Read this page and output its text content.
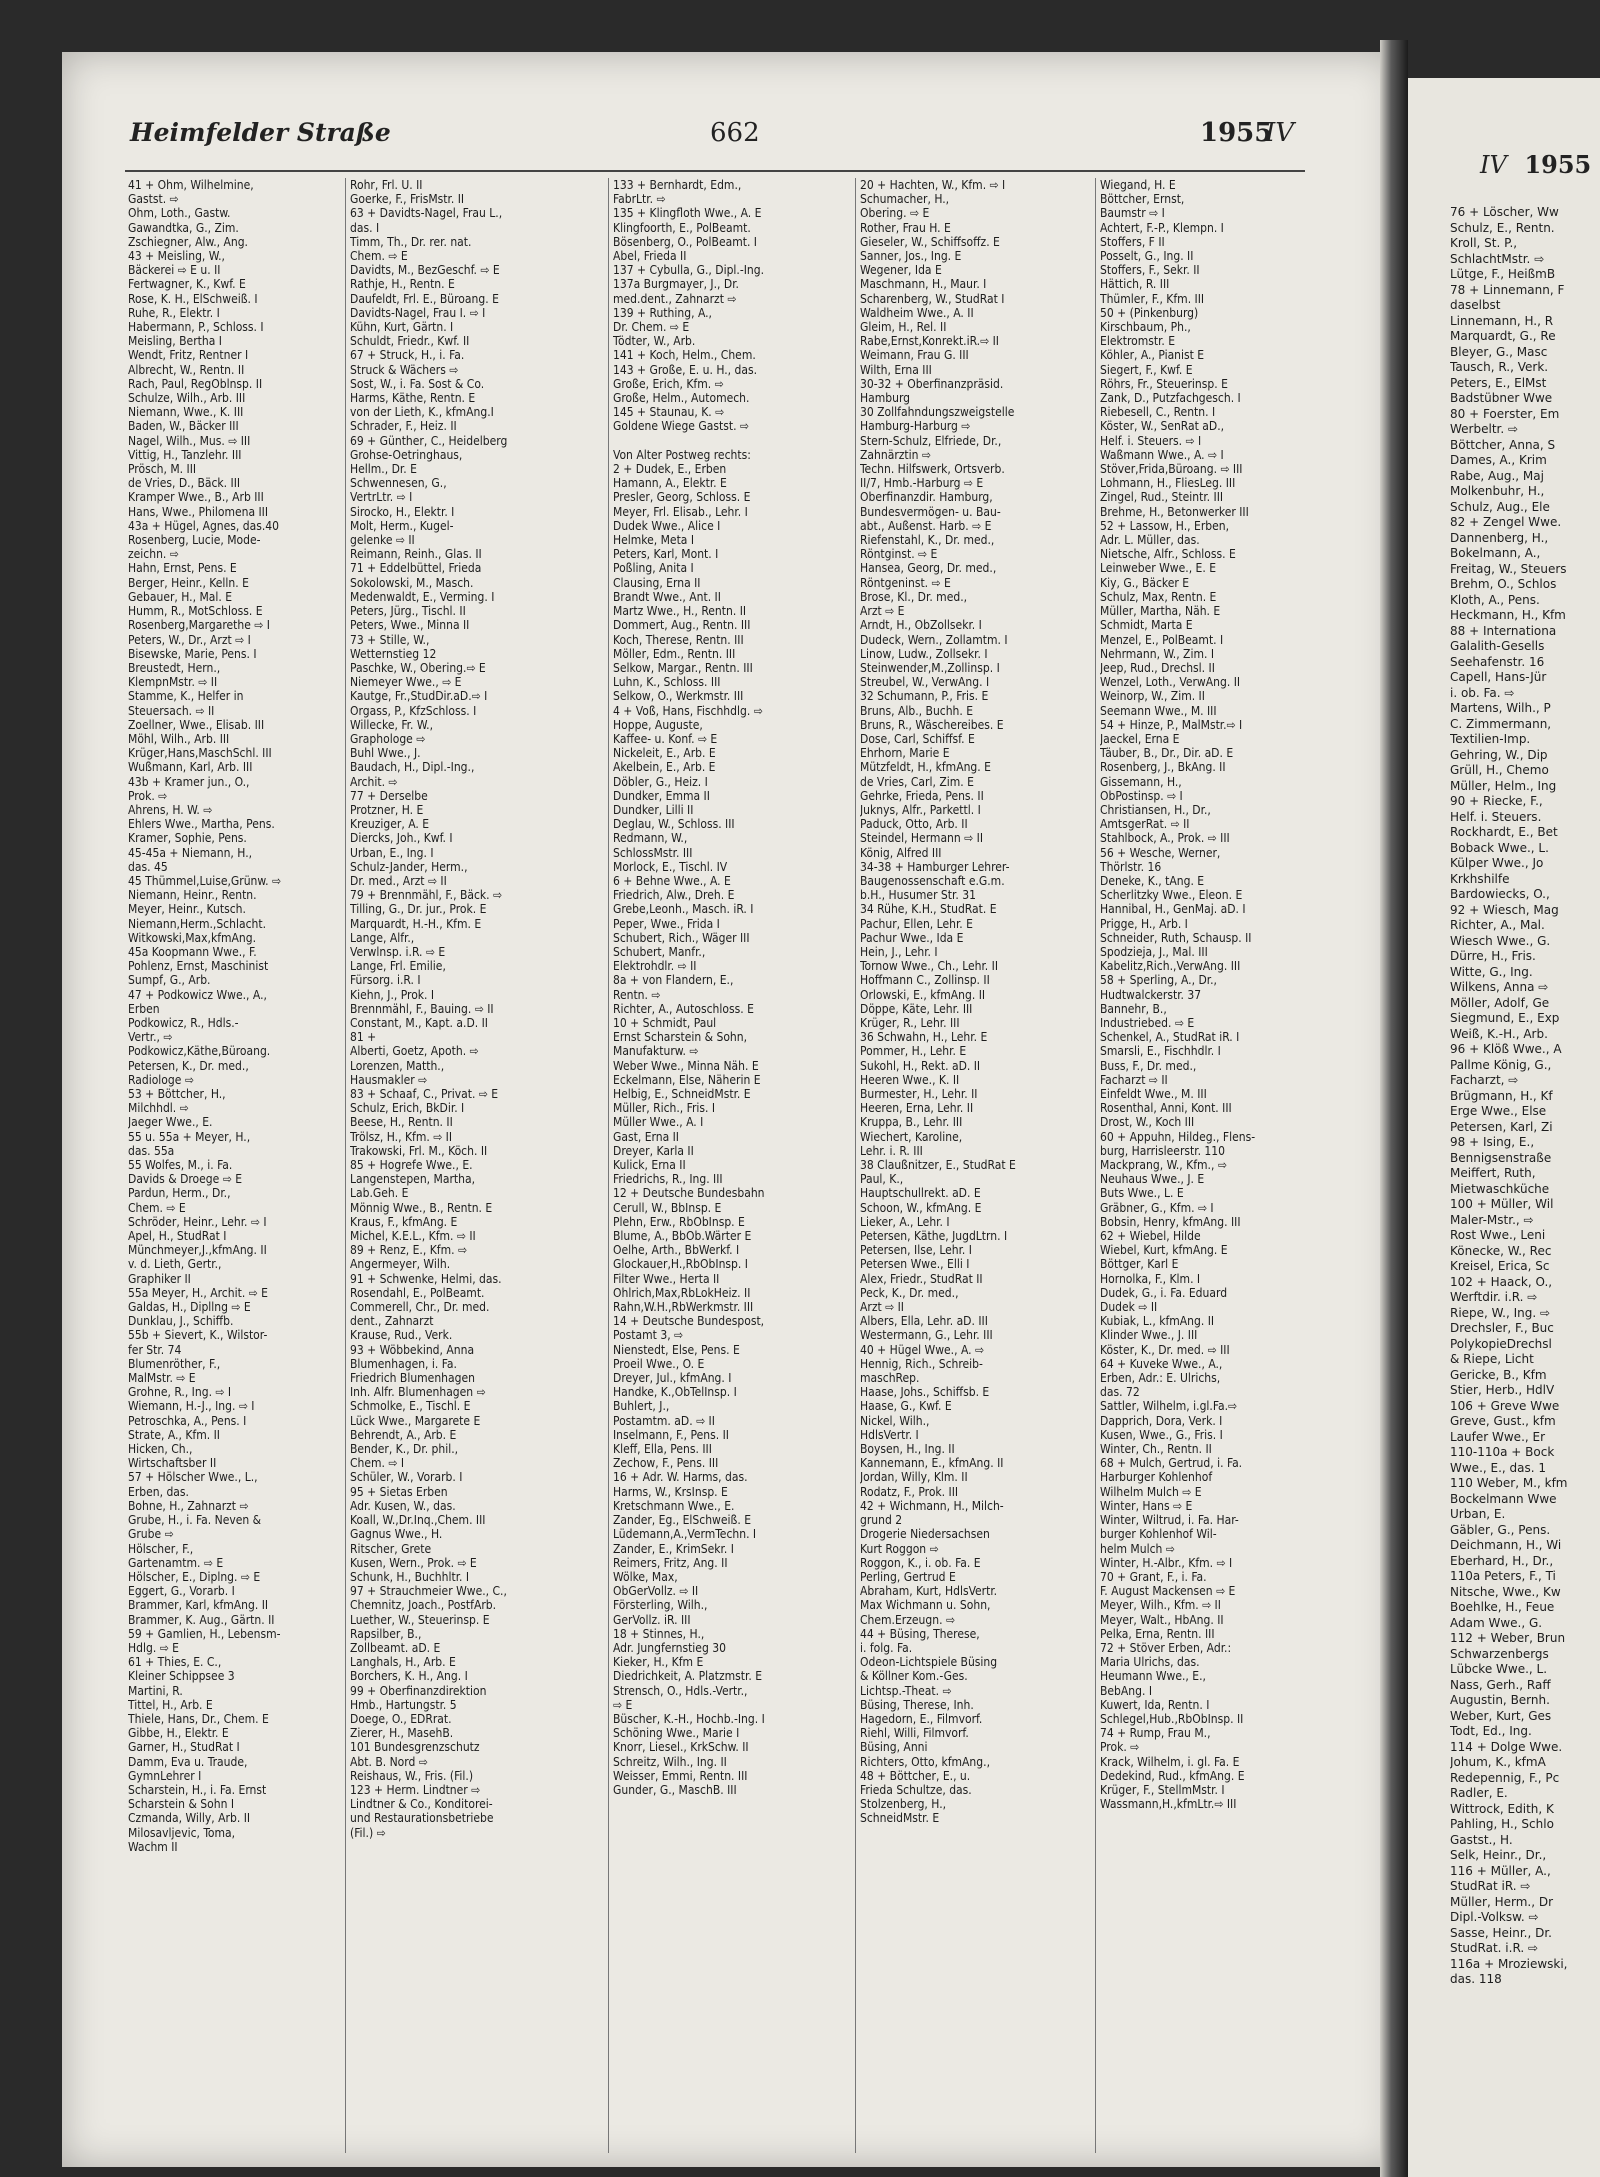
Heimfelder Straße	662	1955
IV
41 + Ohm, Wilhelmine,
Gastst. ⇨
Ohm, Loth., Gastw.
Gawandtka, G., Zim.
Zschiegner, Alw., Ang.
43 + Meisling, W.,
Bäckerei ⇨ E u. II
Fertwagner, K., Kwf. E
Rose, K. H., ElSchweiß. I
Ruhe, R., Elektr. I
Habermann, P., Schloss. I
Meisling, Bertha I
Wendt, Fritz, Rentner I
Albrecht, W., Rentn. II
Rach, Paul, RegOblnsp. II
Schulze, Wilh., Arb. III
Niemann, Wwe., K. III
Baden, W., Bäcker III
Nagel, Wilh., Mus. ⇨ III
Vittig, H., Tanzlehr. III
Prösch, M. III
de Vries, D., Bäck. III
Kramper Wwe., B., Arb III
Hans, Wwe., Philomena III
43a + Hügel, Agnes, das.40
Rosenberg, Lucie, Mode-
zeichn. ⇨
Hahn, Ernst, Pens. E
Berger, Heinr., Kelln. E
Gebauer, H., Mal. E
Humm, R., MotSchloss. E
Rosenberg,Margarethe ⇨ I
Peters, W., Dr., Arzt ⇨ I
Bisewske, Marie, Pens. I
Breustedt, Hern.,
KlempnMstr. ⇨ II
Stamme, K., Helfer in
Steuersach. ⇨ II
Zoellner, Wwe., Elisab. III
Möhl, Wilh., Arb. III
Krüger,Hans,MaschSchl. III
Wußmann, Karl, Arb. III
43b + Kramer jun., O.,
Prok. ⇨
Ahrens, H. W. ⇨
Ehlers Wwe., Martha, Pens.
Kramer, Sophie, Pens.
45-45a + Niemann, H.,
das. 45
45 Thümmel,Luise,Grünw. ⇨
Niemann, Heinr., Rentn.
Meyer, Heinr., Kutsch.
Niemann,Herm.,Schlacht.
Witkowski,Max,kfmAng.
45a Koopmann Wwe., F.
Pohlenz, Ernst, Maschinist
Sumpf, G., Arb.
47 + Podkowicz Wwe., A.,
Erben
Podkowicz, R., Hdls.-
Vertr., ⇨
Podkowicz,Käthe,Büroang.
Petersen, K., Dr. med.,
Radiologe ⇨
53 + Böttcher, H.,
Milchhdl. ⇨
Jaeger Wwe., E.
55 u. 55a + Meyer, H.,
das. 55a
55 Wolfes, M., i. Fa.
Davids & Droege ⇨ E
Pardun, Herm., Dr.,
Chem. ⇨ E
Schröder, Heinr., Lehr. ⇨ I
Apel, H., StudRat I
Münchmeyer,J.,kfmAng. II
v. d. Lieth, Gertr.,
Graphiker II
55a Meyer, H., Archit. ⇨ E
Galdas, H., Dipllng ⇨ E
Dunklau, J., Schiffb.
55b + Sievert, K., Wilstor-
fer Str. 74
Blumenröther, F.,
MalMstr. ⇨ E
Grohne, R., Ing. ⇨ I
Wiemann, H.-J., Ing. ⇨ I
Petroschka, A., Pens. I
Strate, A., Kfm. II
Hicken, Ch.,
Wirtschaftsber II
57 + Hölscher Wwe., L.,
Erben, das.
Bohne, H., Zahnarzt ⇨
Grube, H., i. Fa. Neven &
Grube ⇨
Hölscher, F.,
Gartenamtm. ⇨ E
Hölscher, E., Diplng. ⇨ E
Eggert, G., Vorarb. I
Brammer, Karl, kfmAng. II
Brammer, K. Aug., Gärtn. II
59 + Gamlien, H., Lebensm-
Hdlg. ⇨ E
61 + Thies, E. C.,
Kleiner Schippsee 3
Martini, R.
Tittel, H., Arb. E
Thiele, Hans, Dr., Chem. E
Gibbe, H., Elektr. E
Garner, H., StudRat I
Damm, Eva u. Traude,
GymnLehrer I
Scharstein, H., i. Fa. Ernst
Scharstein & Sohn I
Czmanda, Willy, Arb. II
Milosavljevic, Toma,
Wachm II
Rohr, Frl. U. II
Goerke, F., FrisMstr. II
63 + Davidts-Nagel, Frau L.,
das. I
Timm, Th., Dr. rer. nat.
Chem. ⇨ E
Davidts, M., BezGeschf. ⇨ E
Rathje, H., Rentn. E
Daufeldt, Frl. E., Büroang. E
Davidts-Nagel, Frau I. ⇨ I
Kühn, Kurt, Gärtn. I
Schuldt, Friedr., Kwf. II
67 + Struck, H., i. Fa.
Struck & Wächers ⇨
Sost, W., i. Fa. Sost & Co.
Harms, Käthe, Rentn. E
von der Lieth, K., kfmAng.I
Schrader, F., Heiz. II
69 + Günther, C., Heidelberg
Grohse-Oetringhaus,
Hellm., Dr. E
Schwennesen, G.,
VertrLtr. ⇨ I
Sirocko, H., Elektr. I
Molt, Herm., Kugel-
gelenke ⇨ II
Reimann, Reinh., Glas. II
71 + Eddelbüttel, Frieda
Sokolowski, M., Masch.
Medenwaldt, E., Verming. I
Peters, Jürg., Tischl. II
Peters, Wwe., Minna II
73 + Stille, W.,
Wetternstieg 12
Paschke, W., Obering.⇨ E
Niemeyer Wwe., ⇨ E
Kautge, Fr.,StudDir.aD.⇨ I
Orgass, P., KfzSchloss. I
Willecke, Fr. W.,
Graphologe ⇨
Buhl Wwe., J.
Baudach, H., Dipl.-Ing.,
Archit. ⇨
77 + Derselbe
Protzner, H. E
Kreuziger, A. E
Diercks, Joh., Kwf. I
Urban, E., Ing. I
Schulz-Jander, Herm.,
Dr. med., Arzt ⇨ II
79 + Brennmähl, F., Bäck. ⇨
Tilling, G., Dr. jur., Prok. E
Marquardt, H.-H., Kfm. E
Lange, Alfr.,
Verwlnsp. i.R. ⇨ E
Lange, Frl. Emilie,
Fürsorg. i.R. I
Kiehn, J., Prok. I
Brennmähl, F., Bauing. ⇨ II
Constant, M., Kapt. a.D. II
81 +
Alberti, Goetz, Apoth. ⇨
Lorenzen, Matth.,
Hausmakler ⇨
83 + Schaaf, C., Privat. ⇨ E
Schulz, Erich, BkDir. I
Beese, H., Rentn. II
Trölsz, H., Kfm. ⇨ II
Trakowski, Frl. M., Köch. II
85 + Hogrefe Wwe., E.
Langenstepen, Martha,
Lab.Geh. E
Mönnig Wwe., B., Rentn. E
Kraus, F., kfmAng. E
Michel, K.E.L., Kfm. ⇨ II
89 + Renz, E., Kfm. ⇨
Angermeyer, Wilh.
91 + Schwenke, Helmi, das.
Rosendahl, E., PolBeamt.
Commerell, Chr., Dr. med.
dent., Zahnarzt
Krause, Rud., Verk.
93 + Wöbbekind, Anna
Blumenhagen, i. Fa.
Friedrich Blumenhagen
Inh. Alfr. Blumenhagen ⇨
Schmolke, E., Tischl. E
Lück Wwe., Margarete E
Behrendt, A., Arb. E
Bender, K., Dr. phil.,
Chem. ⇨ I
Schüler, W., Vorarb. I
95 + Sietas Erben
Adr. Kusen, W., das.
Koall, W.,Dr.Inq.,Chem. III
Gagnus Wwe., H.
Ritscher, Grete
Kusen, Wern., Prok. ⇨ E
Schunk, H., Buchhltr. I
97 + Strauchmeier Wwe., C.,
Chemnitz, Joach., PostfArb.
Luether, W., Steuerinsp. E
Rapsilber, B.,
Zollbeamt. aD. E
Langhals, H., Arb. E
Borchers, K. H., Ang. I
99 + Oberfinanzdirektion
Hmb., Hartungstr. 5
Doege, O., EDRrat.
Zierer, H., MasehB.
101 Bundesgrenzschutz
Abt. B. Nord ⇨
Reishaus, W., Fris. (Fil.)
123 + Herm. Lindtner ⇨
Lindtner & Co., Konditorei-
und Restaurationsbetriebe
(Fil.) ⇨
133 + Bernhardt, Edm.,
FabrLtr. ⇨
135 + Klingfloth Wwe., A. E
Klingfoorth, E., PolBeamt.
Bösenberg, O., PolBeamt. I
Abel, Frieda II
137 + Cybulla, G., Dipl.-Ing.
137a Burgmayer, J., Dr.
med.dent., Zahnarzt ⇨
139 + Ruthing, A.,
Dr. Chem. ⇨ E
Tödter, W., Arb.
141 + Koch, Helm., Chem.
143 + Große, E. u. H., das.
Große, Erich, Kfm. ⇨
Große, Helm., Automech.
145 + Staunau, K. ⇨
Goldene Wiege Gastst. ⇨

Von Alter Postweg rechts:
2 + Dudek, E., Erben
Hamann, A., Elektr. E
Presler, Georg, Schloss. E
Meyer, Frl. Elisab., Lehr. I
Dudek Wwe., Alice I
Helmke, Meta I
Peters, Karl, Mont. I
Poßling, Anita I
Clausing, Erna II
Brandt Wwe., Ant. II
Martz Wwe., H., Rentn. II
Dommert, Aug., Rentn. III
Koch, Therese, Rentn. III
Möller, Edm., Rentn. III
Selkow, Margar., Rentn. III
Luhn, K., Schloss. III
Selkow, O., Werkmstr. III
4 + Voß, Hans, Fischhdlg. ⇨
Hoppe, Auguste,
Kaffee- u. Konf. ⇨ E
Nickeleit, E., Arb. E
Akelbein, E., Arb. E
Döbler, G., Heiz. I
Dundker, Emma II
Dundker, Lilli II
Deglau, W., Schloss. III
Redmann, W.,
SchlossMstr. III
Morlock, E., Tischl. IV
6 + Behne Wwe., A. E
Friedrich, Alw., Dreh. E
Grebe,Leonh., Masch. iR. I
Peper, Wwe., Frida I
Schubert, Rich., Wäger III
Schubert, Manfr.,
Elektrohdlr. ⇨ II
8a + von Flandern, E.,
Rentn. ⇨
Richter, A., Autoschloss. E
10 + Schmidt, Paul
Ernst Scharstein & Sohn,
Manufakturw. ⇨
Weber Wwe., Minna Näh. E
Eckelmann, Else, Näherin E
Helbig, E., SchneidMstr. E
Müller, Rich., Fris. I
Müller Wwe., A. I
Gast, Erna II
Dreyer, Karla II
Kulick, Erna II
Friedrichs, R., Ing. III
12 + Deutsche Bundesbahn
Cerull, W., BbInsp. E
Plehn, Erw., RbObInsp. E
Blume, A., BbOb.Wärter E
Oelhe, Arth., BbWerkf. I
Glockauer,H.,RbObInsp. I
Filter Wwe., Herta II
Ohlrich,Max,RbLokHeiz. II
Rahn,W.H.,RbWerkmstr. III
14 + Deutsche Bundespost,
Postamt 3, ⇨
Nienstedt, Else, Pens. E
Proeil Wwe., O. E
Dreyer, Jul., kfmAng. I
Handke, K.,ObTelInsp. I
Buhlert, J.,
Postamtm. aD. ⇨ II
Inselmann, F., Pens. II
Kleff, Ella, Pens. III
Zechow, F., Pens. III
16 + Adr. W. Harms, das.
Harms, W., KrsInsp. E
Kretschmann Wwe., E.
Zander, Eg., ElSchweiß. E
Lüdemann,A.,VermTechn. I
Zander, E., KrimSekr. I
Reimers, Fritz, Ang. II
Wölke, Max,
ObGerVollz. ⇨ II
Försterling, Wilh.,
GerVollz. iR. III
18 + Stinnes, H.,
Adr. Jungfernstieg 30
Kieker, H., Kfm E
Diedrichkeit, A. Platzmstr. E
Strensch, O., Hdls.-Vertr.,
⇨ E
Büscher, K.-H., Hochb.-Ing. I
Schöning Wwe., Marie I
Knorr, Liesel., KrkSchw. II
Schreitz, Wilh., Ing. II
Weisser, Emmi, Rentn. III
Gunder, G., MaschB. III
20 + Hachten, W., Kfm. ⇨ I
Schumacher, H.,
Obering. ⇨ E
Rother, Frau H. E
Gieseler, W., Schiffsoffz. E
Sanner, Jos., Ing. E
Wegener, Ida E
Maschmann, H., Maur. I
Scharenberg, W., StudRat I
Waldheim Wwe., A. II
Gleim, H., Rel. II
Rabe,Ernst,Konrekt.iR.⇨ II
Weimann, Frau G. III
Wilth, Erna III
30-32 + Oberfinanzpräsid.
Hamburg
30 Zollfahndungszweigstelle
Hamburg-Harburg ⇨
Stern-Schulz, Elfriede, Dr.,
Zahnärztin ⇨
Techn. Hilfswerk, Ortsverb.
II/7, Hmb.-Harburg ⇨ E
Oberfinanzdir. Hamburg,
Bundesvermögen- u. Bau-
abt., Außenst. Harb. ⇨ E
Riefenstahl, K., Dr. med.,
Röntginst. ⇨ E
Hansea, Georg, Dr. med.,
Röntgeninst. ⇨ E
Brose, Kl., Dr. med.,
Arzt ⇨ E
Arndt, H., ObZollsekr. I
Dudeck, Wern., Zollamtm. I
Linow, Ludw., Zollsekr. I
Steinwender,M.,Zollinsp. I
Streubel, W., VerwAng. I
32 Schumann, P., Fris. E
Bruns, Alb., Buchh. E
Bruns, R., Wäschereibes. E
Dose, Carl, Schiffsf. E
Ehrhorn, Marie E
Mützfeldt, H., kfmAng. E
de Vries, Carl, Zim. E
Gehrke, Frieda, Pens. II
Juknys, Alfr., Parkettl. I
Paduck, Otto, Arb. II
Steindel, Hermann ⇨ II
König, Alfred III
34-38 + Hamburger Lehrer-
Baugenossenschaft e.G.m.
b.H., Husumer Str. 31
34 Rühe, K.H., StudRat. E
Pachur, Ellen, Lehr. E
Pachur Wwe., Ida E
Hein, J., Lehr. I
Tornow Wwe., Ch., Lehr. II
Hoffmann C., Zollinsp. II
Orlowski, E., kfmAng. II
Döppe, Käte, Lehr. III
Krüger, R., Lehr. III
36 Schwahn, H., Lehr. E
Pommer, H., Lehr. E
Sukohl, H., Rekt. aD. II
Heeren Wwe., K. II
Burmester, H., Lehr. II
Heeren, Erna, Lehr. II
Kruppa, B., Lehr. III
Wiechert, Karoline,
Lehr. i. R. III
38 Claußnitzer, E., StudRat E
Paul, K.,
Hauptschullrekt. aD. E
Schoon, W., kfmAng. E
Lieker, A., Lehr. I
Petersen, Käthe, JugdLtrn. I
Petersen, Ilse, Lehr. I
Petersen Wwe., Elli I
Alex, Friedr., StudRat II
Peck, K., Dr. med.,
Arzt ⇨ II
Albers, Ella, Lehr. aD. III
Westermann, G., Lehr. III
40 + Hügel Wwe., A. ⇨
Hennig, Rich., Schreib-
maschRep.
Haase, Johs., Schiffsb. E
Haase, G., Kwf. E
Nickel, Wilh.,
HdlsVertr. I
Boysen, H., Ing. II
Kannemann, E., kfmAng. II
Jordan, Willy, Klm. II
Rodatz, F., Prok. III
42 + Wichmann, H., Milch-
grund 2
Drogerie Niedersachsen
Kurt Roggon ⇨
Roggon, K., i. ob. Fa. E
Perling, Gertrud E
Abraham, Kurt, HdlsVertr.
Max Wichmann u. Sohn,
Chem.Erzeugn. ⇨
44 + Büsing, Therese,
i. folg. Fa.
Odeon-Lichtspiele Büsing
& Köllner Kom.-Ges.
Lichtsp.-Theat. ⇨
Büsing, Therese, Inh.
Hagedorn, E., Filmvorf.
Riehl, Willi, Filmvorf.
Büsing, Anni
Richters, Otto, kfmAng.,
48 + Böttcher, E., u.
Frieda Schultze, das.
Stolzenberg, H.,
SchneidMstr. E
Wiegand, H. E
Böttcher, Ernst,
Baumstr ⇨ I
Achtert, F.-P., Klempn. I
Stoffers, F II
Posselt, G., Ing. II
Stoffers, F., Sekr. II
Hättich, R. III
Thümler, F., Kfm. III
50 + (Pinkenburg)
Kirschbaum, Ph.,
Elektromstr. E
Köhler, A., Pianist E
Siegert, F., Kwf. E
Röhrs, Fr., Steuerinsp. E
Zank, D., Putzfachgesch. I
Riebesell, C., Rentn. I
Köster, W., SenRat aD.,
Helf. i. Steuers. ⇨ I
Waßmann Wwe., A. ⇨ I
Stöver,Frida,Büroang. ⇨ III
Lohmann, H., FliesLeg. III
Zingel, Rud., Steintr. III
Brehme, H., Betonwerker III
52 + Lassow, H., Erben,
Adr. L. Müller, das.
Nietsche, Alfr., Schloss. E
Leinweber Wwe., E. E
Kiy, G., Bäcker E
Schulz, Max, Rentn. E
Müller, Martha, Näh. E
Schmidt, Marta E
Menzel, E., PolBeamt. I
Nehrmann, W., Zim. I
Jeep, Rud., Drechsl. II
Wenzel, Loth., VerwAng. II
Weinorp, W., Zim. II
Seemann Wwe., M. III
54 + Hinze, P., MalMstr.⇨ I
Jaeckel, Erna E
Täuber, B., Dr., Dir. aD. E
Rosenberg, J., BkAng. II
Gissemann, H.,
ObPostinsp. ⇨ I
Christiansen, H., Dr.,
AmtsgerRat. ⇨ II
Stahlbock, A., Prok. ⇨ III
56 + Wesche, Werner,
Thörlstr. 16
Deneke, K., tAng. E
Scherlitzky Wwe., Eleon. E
Hannibal, H., GenMaj. aD. I
Prigge, H., Arb. I
Schneider, Ruth, Schausp. II
Spodzieja, J., Mal. III
Kabelitz,Rich.,VerwAng. III
58 + Sperling, A., Dr.,
Hudtwalckerstr. 37
Bannehr, B.,
Industriebed. ⇨ E
Schenkel, A., StudRat iR. I
Smarsli, E., Fischhdlr. I
Buss, F., Dr. med.,
Facharzt ⇨ II
Einfeldt Wwe., M. III
Rosenthal, Anni, Kont. III
Drost, W., Koch III
60 + Appuhn, Hildeg., Flens-
burg, Harrisleerstr. 110
Mackprang, W., Kfm., ⇨
Neuhaus Wwe., J. E
Buts Wwe., L. E
Gräbner, G., Kfm. ⇨ I
Bobsin, Henry, kfmAng. III
62 + Wiebel, Hilde
Wiebel, Kurt, kfmAng. E
Böttger, Karl E
Hornolka, F., Klm. I
Dudek, G., i. Fa. Eduard
Dudek ⇨ II
Kubiak, L., kfmAng. II
Klinder Wwe., J. III
Köster, K., Dr. med. ⇨ III
64 + Kuveke Wwe., A.,
Erben, Adr.: E. Ulrichs,
das. 72
Sattler, Wilhelm, i.gl.Fa.⇨
Dapprich, Dora, Verk. I
Kusen, Wwe., G., Fris. I
Winter, Ch., Rentn. II
68 + Mulch, Gertrud, i. Fa.
Harburger Kohlenhof
Wilhelm Mulch ⇨ E
Winter, Hans ⇨ E
Winter, Wiltrud, i. Fa. Har-
burger Kohlenhof Wil-
helm Mulch ⇨
Winter, H.-Albr., Kfm. ⇨ I
70 + Grant, F., i. Fa.
F. August Mackensen ⇨ E
Meyer, Wilh., Kfm. ⇨ II
Meyer, Walt., HbAng. II
Pelka, Erna, Rentn. III
72 + Stöver Erben, Adr.:
Maria Ulrichs, das.
Heumann Wwe., E.,
BebAng. I
Kuwert, Ida, Rentn. I
Schlegel,Hub.,RbObInsp. II
74 + Rump, Frau M.,
Prok. ⇨
Krack, Wilhelm, i. gl. Fa. E
Dedekind, Rud., kfmAng. E
Krüger, F., StellmMstr. I
Wassmann,H.,kfmLtr.⇨ III
IV 1955
76 + Löscher, Ww
Schulz, E., Rentn.
Kroll, St. P.,
SchlachtMstr. ⇨
Lütge, F., HeißmB
78 + Linnemann, F
daselbst
Linnemann, H., R
Marquardt, G., Re
Bleyer, G., Masc
Tausch, R., Verk.
Peters, E., ElMst
Badstübner Wwe
80 + Foerster, Em
Werbeltr. ⇨
Böttcher, Anna, S
Dames, A., Krim
Rabe, Aug., Maj
Molkenbuhr, H.,
Schulz, Aug., Ele
82 + Zengel Wwe.
Dannenberg, H.,
Bokelmann, A.,
Freitag, W., Steuers
Brehm, O., Schlos
Kloth, A., Pens.
Heckmann, H., Kfm
88 + Internationa
Galalith-Gesells
Seehafenstr. 16
Capell, Hans-Jür
i. ob. Fa. ⇨
Martens, Wilh., P
C. Zimmermann,
Textilien-Imp.
Gehring, W., Dip
Grüll, H., Chemo
Müller, Helm., Ing
90 + Riecke, F.,
Helf. i. Steuers.
Rockhardt, E., Bet
Boback Wwe., L.
Külper Wwe., Jo
Krkhshilfe
Bardowiecks, O.,
92 + Wiesch, Mag
Richter, A., Mal.
Wiesch Wwe., G.
Dürre, H., Fris.
Witte, G., Ing.
Wilkens, Anna ⇨
Möller, Adolf, Ge
Siegmund, E., Exp
Weiß, K.-H., Arb.
96 + Klöß Wwe., A
Pallme König, G.,
Facharzt, ⇨
Brügmann, H., Kf
Erge Wwe., Else
Petersen, Karl, Zi
98 + Ising, E.,
Bennigsenstraße
Meiffert, Ruth,
Mietwaschküche
100 + Müller, Wil
Maler-Mstr., ⇨
Rost Wwe., Leni
Könecke, W., Rec
Kreisel, Erica, Sc
102 + Haack, O.,
Werftdir. i.R. ⇨
Riepe, W., Ing. ⇨
Drechsler, F., Buc
PolykopieDrechsl
& Riepe, Licht
Gericke, B., Kfm
Stier, Herb., HdlV
106 + Greve Wwe
Greve, Gust., kfm
Laufer Wwe., Er
110-110a + Bock
Wwe., E., das. 1
110 Weber, M., kfm
Bockelmann Wwe
Urban, E.
Gäbler, G., Pens.
Deichmann, H., Wi
Eberhard, H., Dr.,
110a Peters, F., Ti
Nitsche, Wwe., Kw
Boehlke, H., Feue
Adam Wwe., G.
112 + Weber, Brun
Schwarzenbergs
Lübcke Wwe., L.
Nass, Gerh., Raff
Augustin, Bernh.
Weber, Kurt, Ges
Todt, Ed., Ing.
114 + Dolge Wwe.
Johum, K., kfmA
Redepennig, F., Pc
Radler, E.
Wittrock, Edith, K
Pahling, H., Schlo
Gastst., H.
Selk, Heinr., Dr.,
116 + Müller, A.,
StudRat iR. ⇨
Müller, Herm., Dr
Dipl.-Volksw. ⇨
Sasse, Heinr., Dr.
StudRat. i.R. ⇨
116a + Mroziewski,
das. 118
